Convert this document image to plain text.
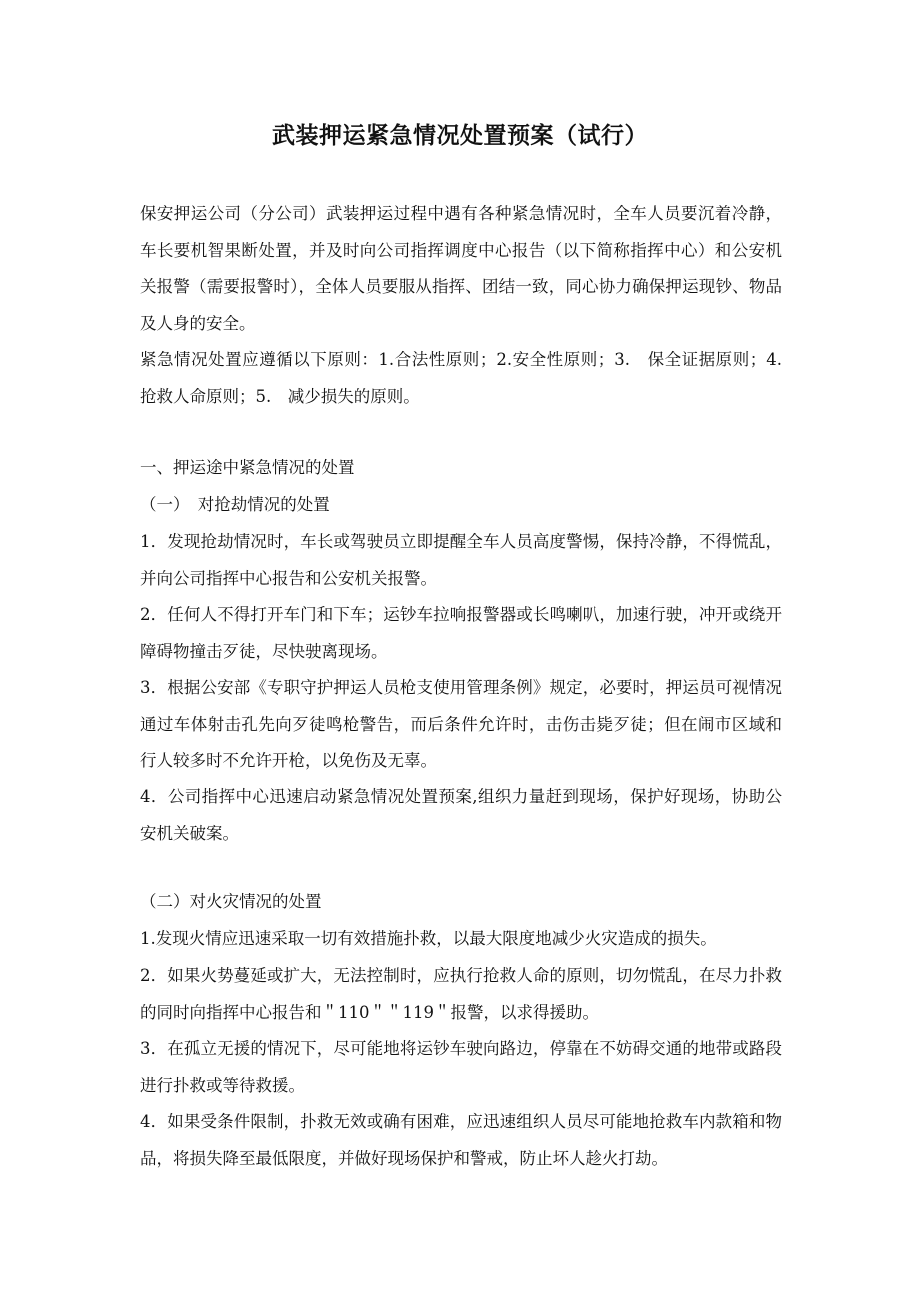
武装押运紧急情况处置预案（试行）

保安押运公司（分公司）武装押运过程中遇有各种紧急情况时，全车人员要沉着冷静，车长要机智果断处置，并及时向公司指挥调度中心报告（以下简称指挥中心）和公安机关报警（需要报警时），全体人员要服从指挥、团结一致，同心协力确保押运现钞、物品及人身的安全。

紧急情况处置应遵循以下原则：1.合法性原则；2.安全性原则；3.　保全证据原则；4.　抢救人命原则；5.　减少损失的原则。

一、押运途中紧急情况的处置

（一）　对抢劫情况的处置

1．发现抢劫情况时，车长或驾驶员立即提醒全车人员高度警惕，保持冷静，不得慌乱，并向公司指挥中心报告和公安机关报警。

2．任何人不得打开车门和下车；运钞车拉响报警器或长鸣喇叭，加速行驶，冲开或绕开障碍物撞击歹徒，尽快驶离现场。

3．根据公安部《专职守护押运人员枪支使用管理条例》规定，必要时，押运员可视情况通过车体射击孔先向歹徒鸣枪警告，而后条件允许时，击伤击毙歹徒；但在闹市区域和行人较多时不允许开枪，以免伤及无辜。

4．公司指挥中心迅速启动紧急情况处置预案,组织力量赶到现场，保护好现场，协助公安机关破案。

（二）对火灾情况的处置

1.发现火情应迅速采取一切有效措施扑救，以最大限度地减少火灾造成的损失。

2．如果火势蔓延或扩大，无法控制时，应执行抢救人命的原则，切勿慌乱，在尽力扑救的同时向指挥中心报告和＂110＂＂119＂报警，以求得援助。

3．在孤立无援的情况下，尽可能地将运钞车驶向路边，停靠在不妨碍交通的地带或路段进行扑救或等待救援。

4．如果受条件限制，扑救无效或确有困难，应迅速组织人员尽可能地抢救车内款箱和物品，将损失降至最低限度，并做好现场保护和警戒，防止坏人趁火打劫。
